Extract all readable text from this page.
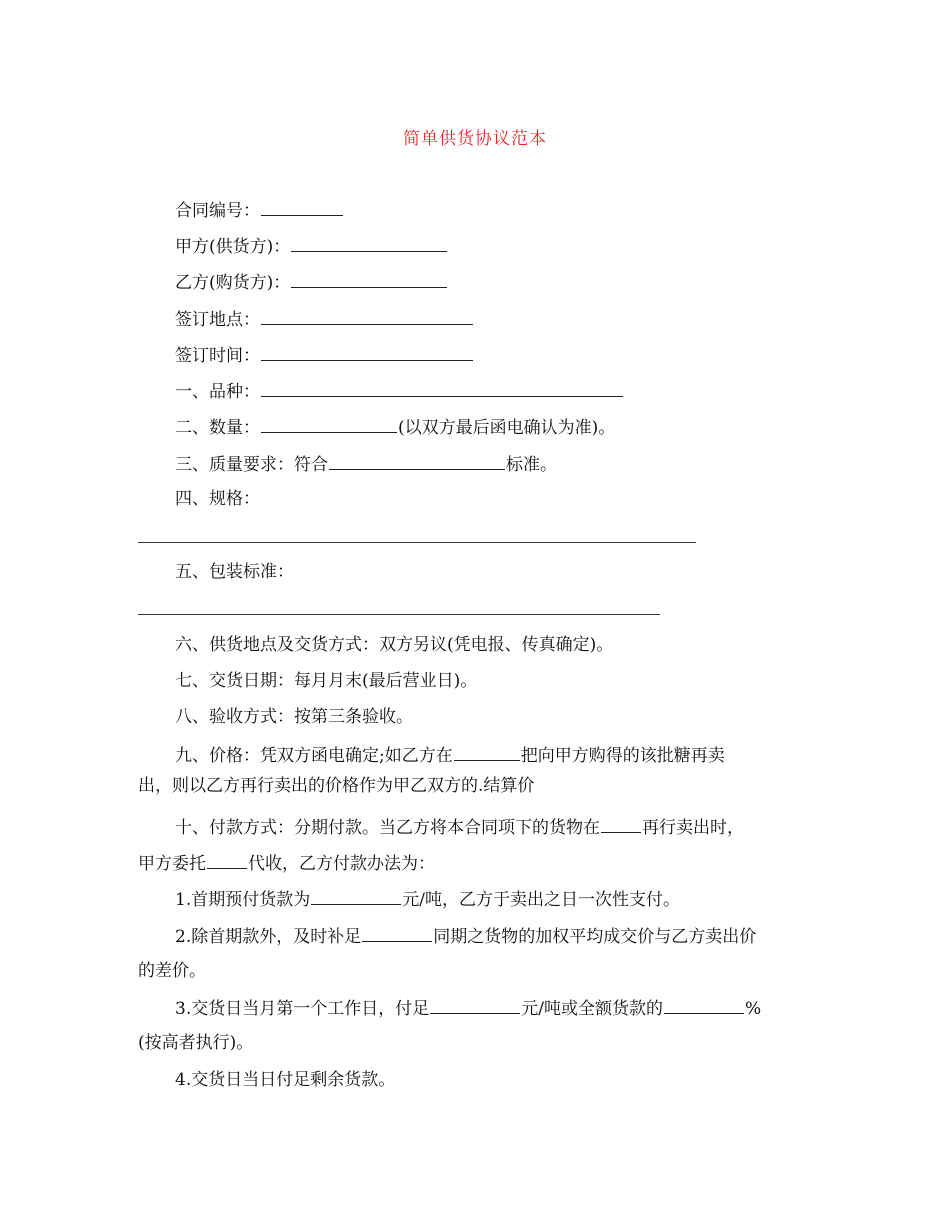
简单供货协议范本
合同编号：
甲方(供货方)：
乙方(购货方)：
签订地点：
签订时间：
一、品种：
二、数量：	(以双方最后函电确认为准)。
三、质量要求：符合	标准。
四、规格：
五、包装标准：
六、供货地点及交货方式：双方另议(凭电报、传真确定)。
七、交货日期：每月月末(最后营业日)。
八、验收方式：按第三条验收。
九、价格：凭双方函电确定;如乙方在	把向甲方购得的该批糖再卖
出，则以乙方再行卖出的价格作为甲乙双方的.结算价
十、付款方式：分期付款。当乙方将本合同项下的货物在 再行卖出时，
甲方委托 代收，乙方付款办法为：
1.首期预付货款为	元/吨，乙方于卖出之日一次性支付。
2.除首期款外，及时补足	同期之货物的加权平均成交价与乙方卖出价
的差价。
3.交货日当月第一个工作日，付足	元/吨或全额货款的	%
(按高者执行)。
4.交货日当日付足剩余货款。
